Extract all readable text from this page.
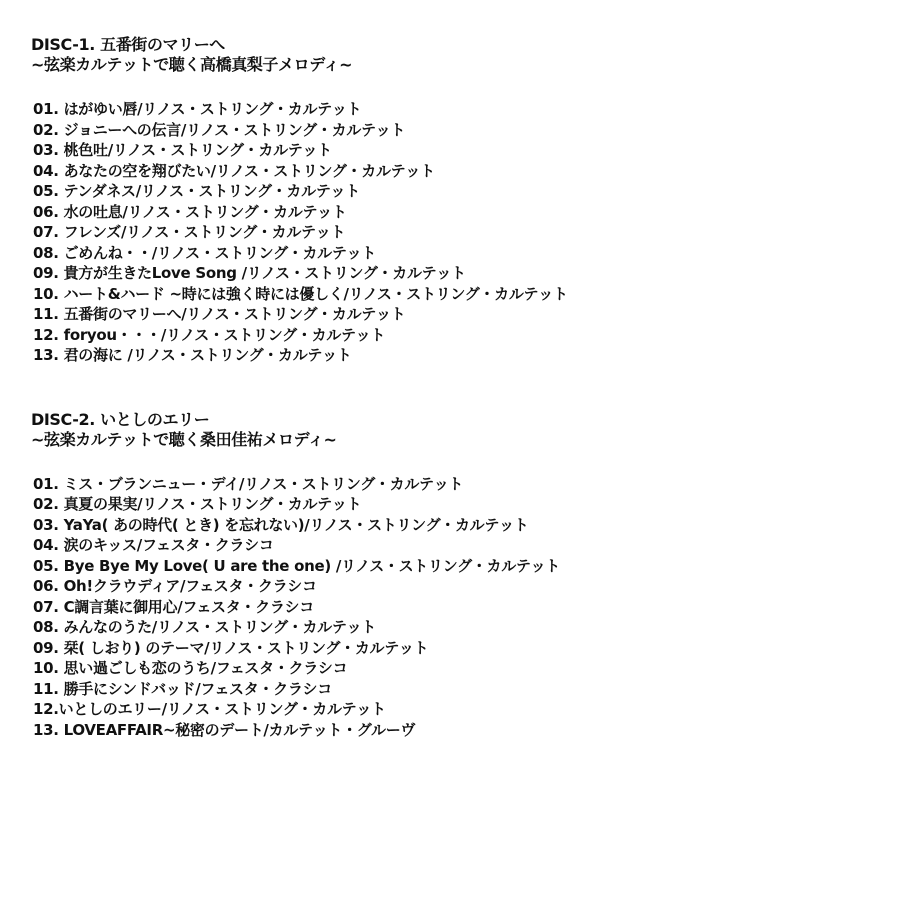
DISC-1. 五番街のマリーへ
~弦楽カルテットで聴く高橋真梨子メロディ~
01. はがゆい唇/リノス・ストリング・カルテット
02. ジョニーへの伝言/リノス・ストリング・カルテット
03. 桃色吐/リノス・ストリング・カルテット
04. あなたの空を翔びたい/リノス・ストリング・カルテット
05. テンダネス/リノス・ストリング・カルテット
06. 水の吐息/リノス・ストリング・カルテット
07. フレンズ/リノス・ストリング・カルテット
08. ごめんね・・/リノス・ストリング・カルテット
09. 貴方が生きたLove Song /リノス・ストリング・カルテット
10. ハート&ハード ~時には強く時には優しく/リノス・ストリング・カルテット
11. 五番街のマリーへ/リノス・ストリング・カルテット
12. foryou・・・/リノス・ストリング・カルテット
13. 君の海に /リノス・ストリング・カルテット
DISC-2. いとしのエリー
~弦楽カルテットで聴く桑田佳祐メロディ~
01. ミス・ブランニュー・デイ/リノス・ストリング・カルテット
02. 真夏の果実/リノス・ストリング・カルテット
03. YaYa( あの時代( とき) を忘れない)/リノス・ストリング・カルテット
04. 涙のキッス/フェスタ・クラシコ
05. Bye Bye My Love( U are the one) /リノス・ストリング・カルテット
06. Oh!クラウディア/フェスタ・クラシコ
07. C調言葉に御用心/フェスタ・クラシコ
08. みんなのうた/リノス・ストリング・カルテット
09. 栞( しおり) のテーマ/リノス・ストリング・カルテット
10. 思い過ごしも恋のうち/フェスタ・クラシコ
11. 勝手にシンドバッド/フェスタ・クラシコ
12.いとしのエリー/リノス・ストリング・カルテット
13. LOVEAFFAIR~秘密のデート/カルテット・グルーヴ
